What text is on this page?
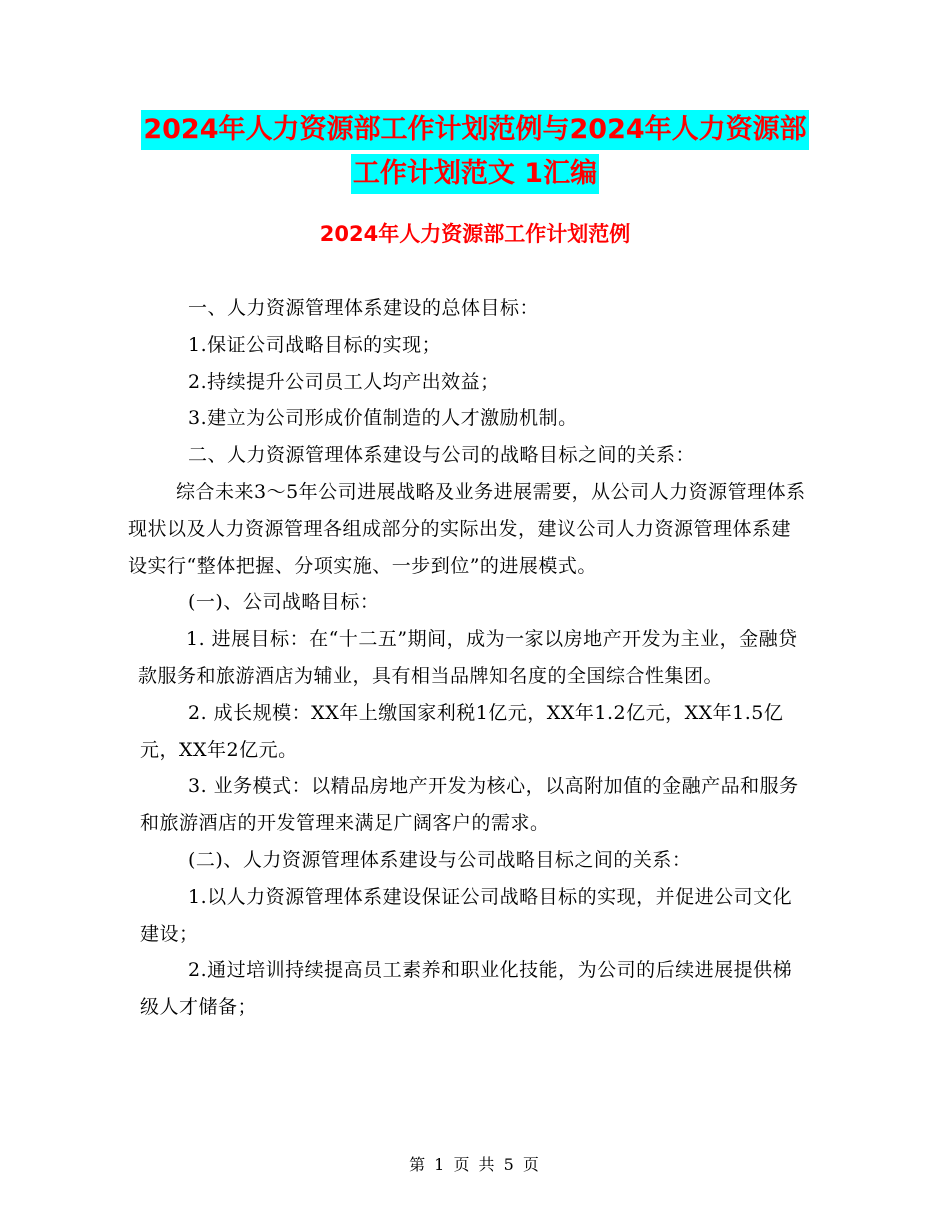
2024年人力资源部工作计划范例与2024年人力资源部
工作计划范文 1汇编
2024年人力资源部工作计划范例

一、人力资源管理体系建设的总体目标：

1.保证公司战略目标的实现；

2.持续提升公司员工人均产出效益；

3.建立为公司形成价值制造的人才激励机制。

二、人力资源管理体系建设与公司的战略目标之间的关系：

综合未来3～5年公司进展战略及业务进展需要，从公司人力资源管理体系现状以及人力资源管理各组成部分的实际出发，建议公司人力资源管理体系建设实行“整体把握、分项实施、一步到位”的进展模式。

(一)、公司战略目标：

1. 进展目标：在“十二五”期间，成为一家以房地产开发为主业，金融贷款服务和旅游酒店为辅业，具有相当品牌知名度的全国综合性集团。

2. 成长规模：XX年上缴国家利税1亿元，XX年1.2亿元，XX年1.5亿元，XX年2亿元。

3. 业务模式：以精品房地产开发为核心，以高附加值的金融产品和服务和旅游酒店的开发管理来满足广阔客户的需求。

(二)、人力资源管理体系建设与公司战略目标之间的关系：

1.以人力资源管理体系建设保证公司战略目标的实现，并促进公司文化建设；

2.通过培训持续提高员工素养和职业化技能，为公司的后续进展提供梯级人才储备；

第 1 页 共 5 页
